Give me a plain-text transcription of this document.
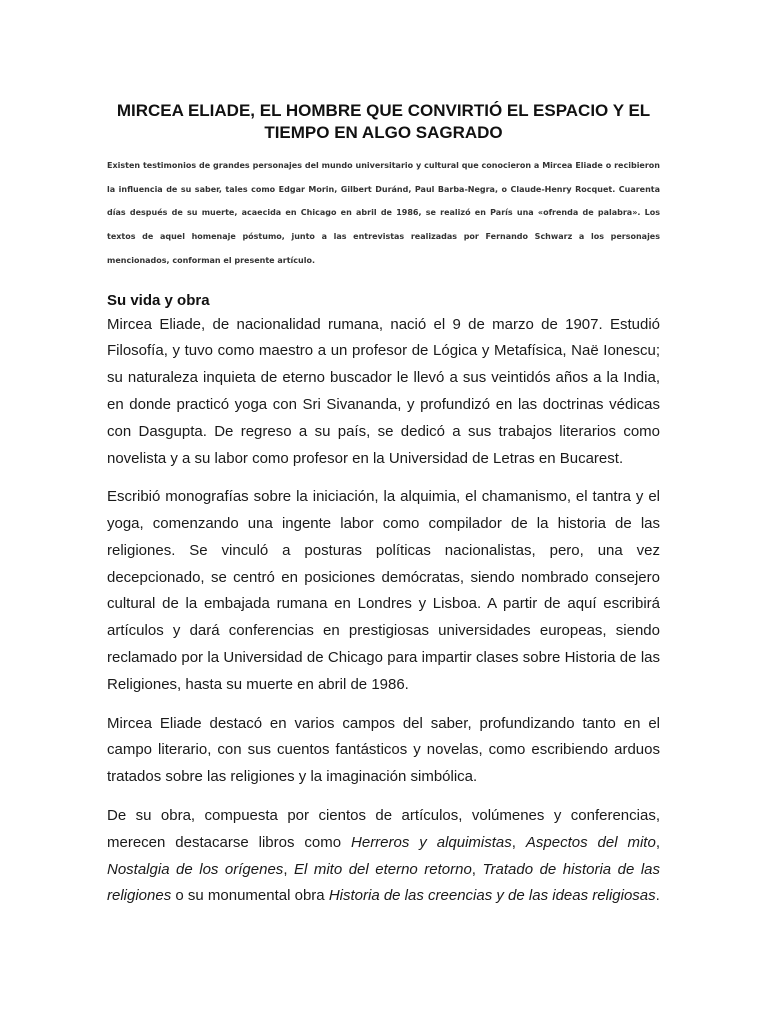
MIRCEA ELIADE, EL HOMBRE QUE CONVIRTIÓ EL ESPACIO Y EL TIEMPO EN ALGO SAGRADO

Existen testimonios de grandes personajes del mundo universitario y cultural que conocieron a Mircea Eliade o recibieron la influencia de su saber, tales como Edgar Morin, Gilbert Duránd, Paul Barba-Negra, o Claude-Henry Rocquet. Cuarenta días después de su muerte, acaecida en Chicago en abril de 1986, se realizó en París una «ofrenda de palabra». Los textos de aquel homenaje póstumo, junto a las entrevistas realizadas por Fernando Schwarz a los personajes mencionados, conforman el presente artículo.

Su vida y obra

Mircea Eliade, de nacionalidad rumana, nació el 9 de marzo de 1907. Estudió Filosofía, y tuvo como maestro a un profesor de Lógica y Metafísica, Naë Ionescu; su naturaleza inquieta de eterno buscador le llevó a sus veintidós años a la India, en donde practicó yoga con Sri Sivananda, y profundizó en las doctrinas védicas con Dasgupta. De regreso a su país, se dedicó a sus trabajos literarios como novelista y a su labor como profesor en la Universidad de Letras en Bucarest.

Escribió monografías sobre la iniciación, la alquimia, el chamanismo, el tantra y el yoga, comenzando una ingente labor como compilador de la historia de las religiones. Se vinculó a posturas políticas nacionalistas, pero, una vez decepcionado, se centró en posiciones demócratas, siendo nombrado consejero cultural de la embajada rumana en Londres y Lisboa. A partir de aquí escribirá artículos y dará conferencias en prestigiosas universidades europeas, siendo reclamado por la Universidad de Chicago para impartir clases sobre Historia de las Religiones, hasta su muerte en abril de 1986.

Mircea Eliade destacó en varios campos del saber, profundizando tanto en el campo literario, con sus cuentos fantásticos y novelas, como escribiendo arduos tratados sobre las religiones y la imaginación simbólica.

De su obra, compuesta por cientos de artículos, volúmenes y conferencias, merecen destacarse libros como Herreros y alquimistas, Aspectos del mito, Nostalgia de los orígenes, El mito del eterno retorno, Tratado de historia de las religiones o su monumental obra Historia de las creencias y de las ideas religiosas.
